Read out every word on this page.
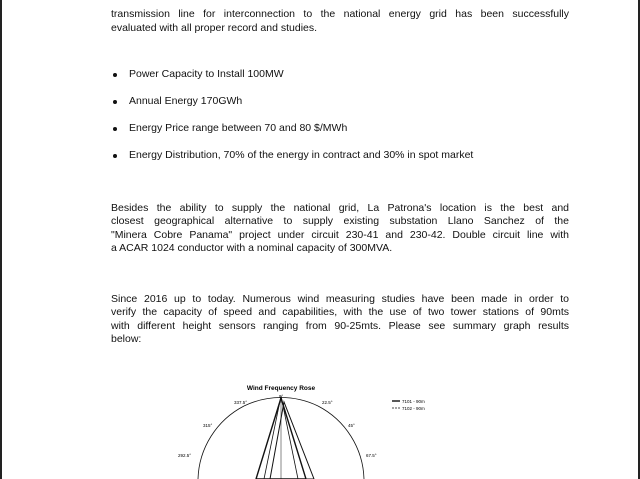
transmission line for interconnection to the national energy grid has been successfully
evaluated with all proper record and studies.

Power Capacity to Install 100MW
Annual Energy 170GWh
Energy Price range between 70 and 80 $/MWh
Energy Distribution, 70% of the energy in contract and 30% in spot market

Besides the ability to supply the national grid, La Patrona's location is the best and
closest geographical alternative to supply existing substation Llano Sanchez of the
"Minera Cobre Panama" project under circuit 230-41 and 230-42. Double circuit line with
a ACAR 1024 conductor with a nominal capacity of 300MVA.

Since 2016 up to today. Numerous wind measuring studies have been made in order to
verify the capacity of speed and capabilities, with the use of two tower stations of 90mts
with different height sensors ranging from 90-25mts. Please see summary graph results
below:

Wind Frequency Rose
0°
22.5°
45°
67.5°
292.5°
315°
337.5°	7101 - 90m
7102 - 90m
